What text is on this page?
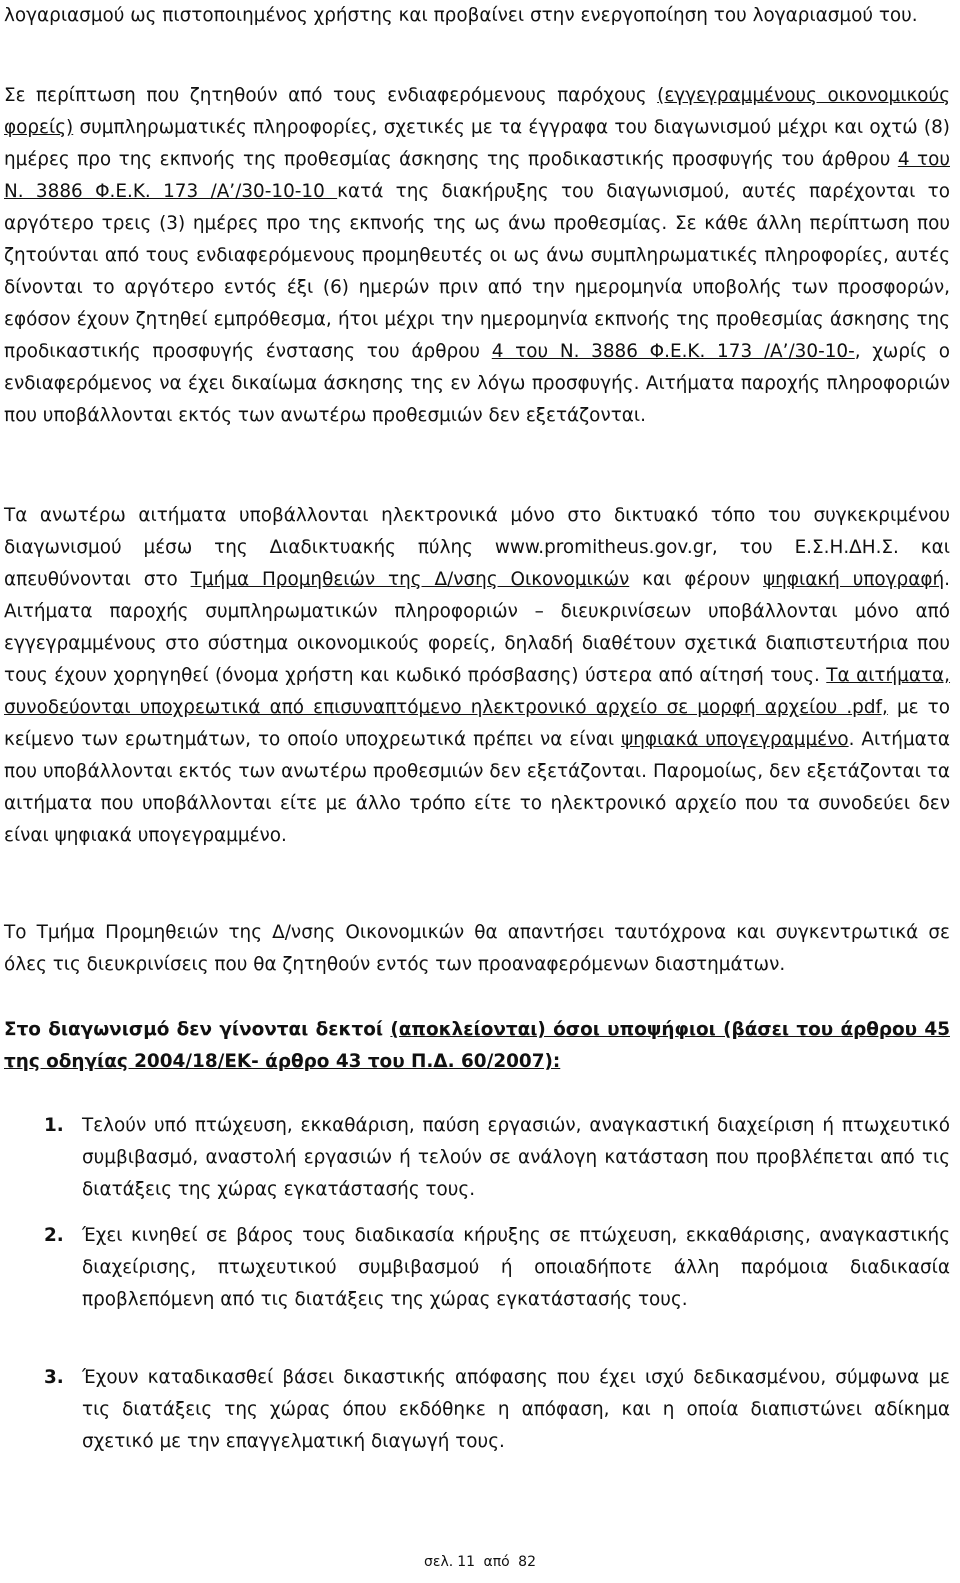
λογαριασμού ως πιστοποιημένος χρήστης και προβαίνει στην ενεργοποίηση του λογαριασμού του.

Σε περίπτωση που ζητηθούν από τους ενδιαφερόμενους παρόχους (εγγεγραμμένους οικονομικούς φορείς) συμπληρωματικές πληροφορίες, σχετικές με τα έγγραφα του διαγωνισμού μέχρι και οχτώ (8) ημέρες προ της εκπνοής της προθεσμίας άσκησης της προδικαστικής προσφυγής του άρθρου 4 του Ν. 3886 Φ.Ε.Κ. 173 /Α’/30-10-10 κατά της διακήρυξης του διαγωνισμού, αυτές παρέχονται το αργότερο τρεις (3) ημέρες προ της εκπνοής της ως άνω προθεσμίας. Σε κάθε άλλη περίπτωση που ζητούνται από τους ενδιαφερόμενους προμηθευτές οι ως άνω συμπληρωματικές πληροφορίες, αυτές δίνονται το αργότερο εντός έξι (6) ημερών πριν από την ημερομηνία υποβολής των προσφορών, εφόσον έχουν ζητηθεί εμπρόθεσμα, ήτοι μέχρι την ημερομηνία εκπνοής της προθεσμίας άσκησης της προδικαστικής προσφυγής ένστασης του άρθρου 4 του Ν. 3886 Φ.Ε.Κ. 173 /Α’/30-10-, χωρίς ο ενδιαφερόμενος να έχει δικαίωμα άσκησης της εν λόγω προσφυγής. Αιτήματα παροχής πληροφοριών που υποβάλλονται εκτός των ανωτέρω προθεσμιών δεν εξετάζονται.

Τα ανωτέρω αιτήματα υποβάλλονται ηλεκτρονικά μόνο στο δικτυακό τόπο του συγκεκριμένου διαγωνισμού μέσω της Διαδικτυακής πύλης www.promitheus.gov.gr, του Ε.Σ.Η.ΔΗ.Σ. και απευθύνονται στο Τμήμα Προμηθειών της Δ/νσης Οικονομικών και φέρουν ψηφιακή υπογραφή. Αιτήματα παροχής συμπληρωματικών πληροφοριών – διευκρινίσεων υποβάλλονται μόνο από εγγεγραμμένους στο σύστημα οικονομικούς φορείς, δηλαδή διαθέτουν σχετικά διαπιστευτήρια που τους έχουν χορηγηθεί (όνομα χρήστη και κωδικό πρόσβασης) ύστερα από αίτησή τους. Τα αιτήματα, συνοδεύονται υποχρεωτικά από επισυναπτόμενο ηλεκτρονικό αρχείο σε μορφή αρχείου .pdf, με το κείμενο των ερωτημάτων, το οποίο υποχρεωτικά πρέπει να είναι ψηφιακά υπογεγραμμένο. Αιτήματα που υποβάλλονται εκτός των ανωτέρω προθεσμιών δεν εξετάζονται. Παρομοίως, δεν εξετάζονται τα αιτήματα που υποβάλλονται είτε με άλλο τρόπο είτε το ηλεκτρονικό αρχείο που τα συνοδεύει δεν είναι ψηφιακά υπογεγραμμένο.

Το Τμήμα Προμηθειών της Δ/νσης Οικονομικών θα απαντήσει ταυτόχρονα και συγκεντρωτικά σε όλες τις διευκρινίσεις που θα ζητηθούν εντός των προαναφερόμενων διαστημάτων.

Στο διαγωνισμό δεν γίνονται δεκτοί (αποκλείονται) όσοι υποψήφιοι (βάσει του άρθρου 45 της οδηγίας 2004/18/ΕΚ- άρθρο 43 του Π.Δ. 60/2007):

1. Τελούν υπό πτώχευση, εκκαθάριση, παύση εργασιών, αναγκαστική διαχείριση ή πτωχευτικό συμβιβασμό, αναστολή εργασιών ή τελούν σε ανάλογη κατάσταση που προβλέπεται από τις διατάξεις της χώρας εγκατάστασής τους.
2. Έχει κινηθεί σε βάρος τους διαδικασία κήρυξης σε πτώχευση, εκκαθάρισης, αναγκαστικής διαχείρισης, πτωχευτικού συμβιβασμού ή οποιαδήποτε άλλη παρόμοια διαδικασία προβλεπόμενη από τις διατάξεις της χώρας εγκατάστασής τους.
3. Έχουν καταδικασθεί βάσει δικαστικής απόφασης που έχει ισχύ δεδικασμένου, σύμφωνα με τις διατάξεις της χώρας όπου εκδόθηκε η απόφαση, και η οποία διαπιστώνει αδίκημα σχετικό με την επαγγελματική διαγωγή τους.
σελ. 11 από 82
